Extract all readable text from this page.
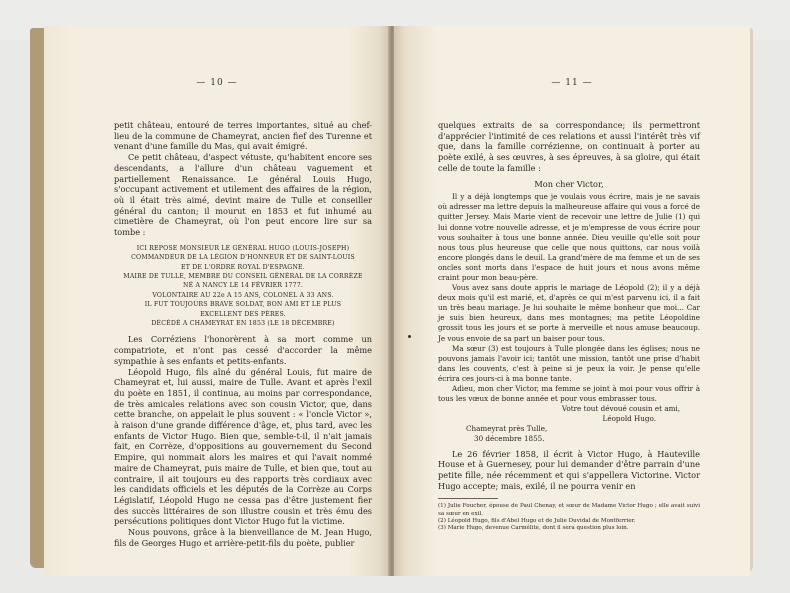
— 10 —

petit château, entouré de terres importantes, situé au chef-lieu de la commune de Chameyrat, ancien fief des Turenne et venant d'une famille du Mas, qui avait émigré.

Ce petit château, d'aspect vétuste, qu'habitent encore ses descendants, a l'allure d'un château vaguement et partiellement Renaissance. Le général Louis Hugo, s'occupant activement et utilement des affaires de la région, où il était très aimé, devint maire de Tulle et conseiller général du canton; il mourut en 1853 et fut inhumé au cimetière de Chameyrat, où l'on peut encore lire sur sa tombe :

ICI REPOSE MONSIEUR LE GÉNÉRAL HUGO (LOUIS-JOSEPH)
COMMANDEUR DE LA LÉGION D'HONNEUR ET DE SAINT-LOUIS
ET DE L'ORDRE ROYAL D'ESPAGNE.
MAIRE DE TULLE, MEMBRE DU CONSEIL GÉNÉRAL DE LA CORRÈZE
NÉ A NANCY LE 14 FÉVRIER 1777.
VOLONTAIRE AU 22e A 15 ANS, COLONEL A 33 ANS.
IL FUT TOUJOURS BRAVE SOLDAT, BON AMI ET LE PLUS
EXCELLENT DES PÈRES.
DÉCÉDÉ A CHAMEYRAT EN 1853 (LE 18 DÉCEMBRE)

Les Corréziens l'honorèrent à sa mort comme un compatriote, et n'ont pas cessé d'accorder la même sympathie à ses enfants et petits-enfants.

Léopold Hugo, fils aîné du général Louis, fut maire de Chameyrat et, lui aussi, maire de Tulle. Avant et après l'exil du poète en 1851, il continua, au moins par correspondance, de très amicales relations avec son cousin Victor, que, dans cette branche, on appelait le plus souvent : « l'oncle Victor », à raison d'une grande différence d'âge, et, plus tard, avec les enfants de Victor Hugo. Bien que, semble-t-il, il n'ait jamais fait, en Corrèze, d'oppositions au gouvernement du Second Empire, qui nommait alors les maires et qui l'avait nommé maire de Chameyrat, puis maire de Tulle, et bien que, tout au contraire, il ait toujours eu des rapports très cordiaux avec les candidats officiels et les députés de la Corrèze au Corps Législatif, Léopold Hugo ne cessa pas d'être justement fier des succès littéraires de son illustre cousin et très ému des persécutions politiques dont Victor Hugo fut la victime.

Nous pouvons, grâce à la bienveillance de M. Jean Hugo, fils de Georges Hugo et arrière-petit-fils du poète, publier

— 11 —

quelques extraits de sa correspondance; ils permettront d'apprécier l'intimité de ces relations et aussi l'intérêt très vif que, dans la famille corrézienne, on continuait à porter au poète exilé, à ses œuvres, à ses épreuves, à sa gloire, qui était celle de toute la famille :

Mon cher Victor,

Il y a déjà longtemps que je voulais vous écrire, mais je ne savais où adresser ma lettre depuis la malheureuse affaire qui vous a forcé de quitter Jersey. Mais Marie vient de recevoir une lettre de Julie (1) qui lui donne votre nouvelle adresse, et je m'empresse de vous écrire pour vous souhaiter à tous une bonne année. Dieu veuille qu'elle soit pour nous tous plus heureuse que celle que nous quittons, car nous voilà encore plongés dans le deuil. La grand'mère de ma femme et un de ses oncles sont morts dans l'espace de huit jours et nous avons même craint pour mon beau-père.

Vous avez sans doute appris le mariage de Léopold (2); il y a déjà deux mois qu'il est marié, et, d'après ce qui m'est parvenu ici, il a fait un très beau mariage. Je lui souhaite le même bonheur que moi... Car je suis bien heureux, dans mes montagnes; ma petite Léopoldine grossit tous les jours et se porte à merveille et nous amuse beaucoup. Je vous envoie de sa part un baiser pour tous.

Ma sœur (3) est toujours à Tulle plongée dans les églises; nous ne pouvons jamais l'avoir ici; tantôt une mission, tantôt une prise d'habit dans les couvents, c'est à peine si je peux la voir. Je pense qu'elle écrira ces jours-ci à ma bonne tante.

Adieu, mon cher Victor, ma femme se joint à moi pour vous offrir à tous les vœux de bonne année et pour vous embrasser tous.

Votre tout dévoué cousin et ami,

Léopold Hugo.

Chameyrat près Tulle,

30 décembre 1855.

Le 26 février 1858, il écrit à Victor Hugo, à Hauteville House et à Guernesey, pour lui demander d'être parrain d'une petite fille, née récemment et qui s'appellera Victorine. Victor Hugo accepte; mais, exilé, il ne pourra venir en

(1) Julie Foucher, épouse de Paul Chenay, et sœur de Madame Victor Hugo ; elle avait suivi sa sœur en exil.

(2) Léopold Hugo, fils d'Abel Hugo et de Julie Duvidal de Montferrier.

(3) Marie Hugo, devenue Carmélite, dont il sera question plus loin.
